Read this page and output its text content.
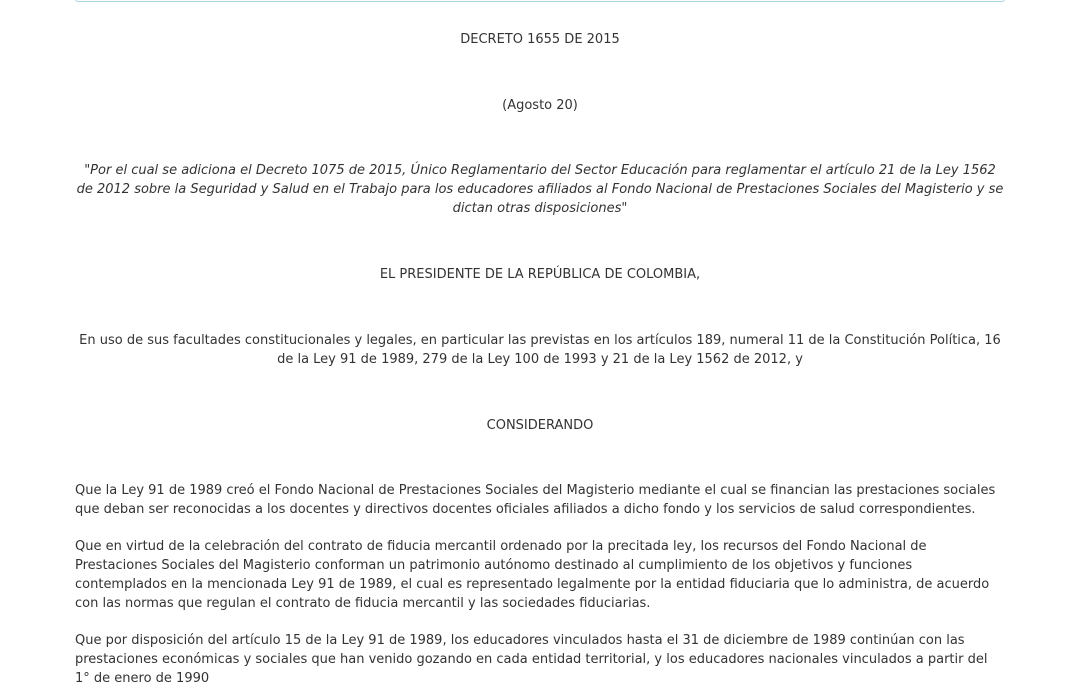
DECRETO 1655 DE 2015

(Agosto 20)

"Por el cual se adiciona el Decreto 1075 de 2015, Único Reglamentario del Sector Educación para reglamentar el artículo 21 de la Ley 1562 de 2012 sobre la Seguridad y Salud en el Trabajo para los educadores afiliados al Fondo Nacional de Prestaciones Sociales del Magisterio y se dictan otras disposiciones"

EL PRESIDENTE DE LA REPÚBLICA DE COLOMBIA,

En uso de sus facultades constitucionales y legales, en particular las previstas en los artículos 189, numeral 11 de la Constitución Política, 16 de la Ley 91 de 1989, 279 de la Ley 100 de 1993 y 21 de la Ley 1562 de 2012, y

CONSIDERANDO

Que la Ley 91 de 1989 creó el Fondo Nacional de Prestaciones Sociales del Magisterio mediante el cual se financian las prestaciones sociales que deban ser reconocidas a los docentes y directivos docentes oficiales afiliados a dicho fondo y los servicios de salud correspondientes.

Que en virtud de la celebración del contrato de fiducia mercantil ordenado por la precitada ley, los recursos del Fondo Nacional de Prestaciones Sociales del Magisterio conforman un patrimonio autónomo destinado al cumplimiento de los objetivos y funciones contemplados en la mencionada Ley 91 de 1989, el cual es representado legalmente por la entidad fiduciaria que lo administra, de acuerdo con las normas que regulan el contrato de fiducia mercantil y las sociedades fiduciarias.

Que por disposición del artículo 15 de la Ley 91 de 1989, los educadores vinculados hasta el 31 de diciembre de 1989 continúan con las prestaciones económicas y sociales que han venido gozando en cada entidad territorial, y los educadores nacionales vinculados a partir del 1° de enero de 1990
